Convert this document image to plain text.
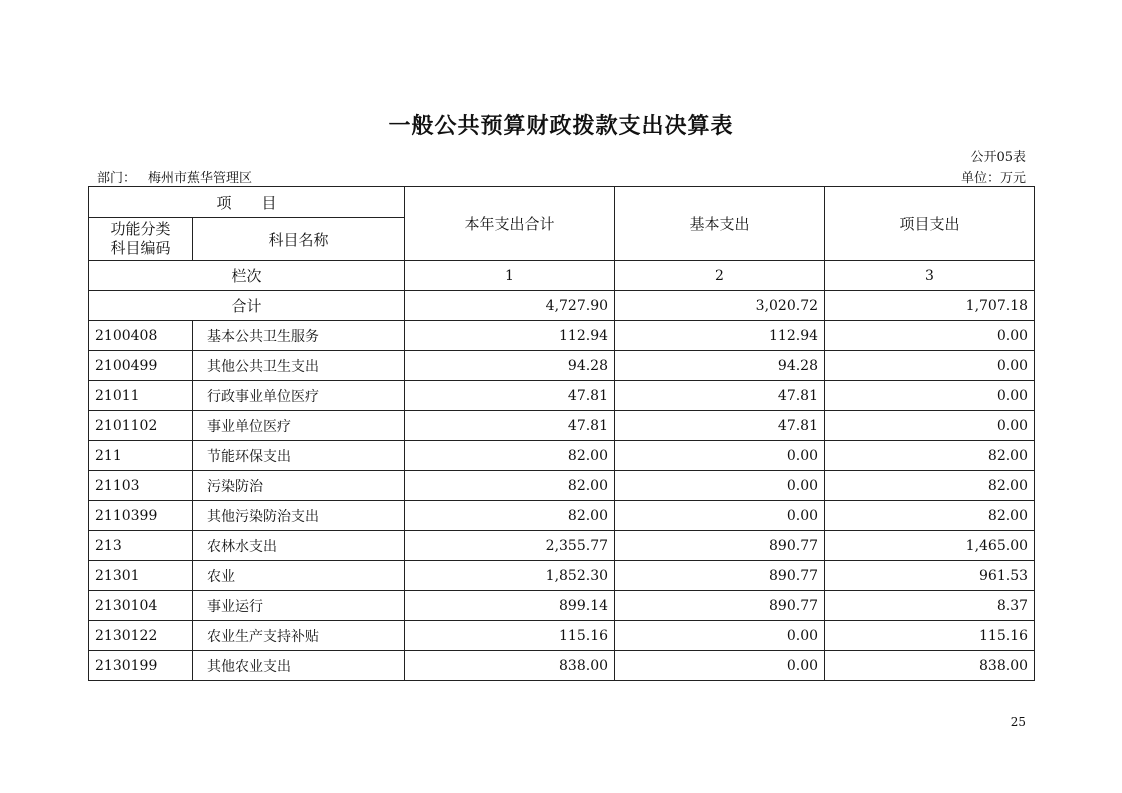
一般公共预算财政拨款支出决算表
公开05表
部门： 梅州市蕉华管理区	单位：万元
项　　目		本年支出合计	基本支出	项目支出

功能分类
科目编码	科目名称			
栏次		1	2	3
合计		4,727.90	3,020.72	1,707.18
2100408	基本公共卫生服务	112.94	112.94	0.00
2100499	其他公共卫生支出	94.28	94.28	0.00
21011	行政事业单位医疗	47.81	47.81	0.00
2101102	事业单位医疗	47.81	47.81	0.00
211	节能环保支出	82.00	0.00	82.00
21103	污染防治	82.00	0.00	82.00
2110399	其他污染防治支出	82.00	0.00	82.00
213	农林水支出	2,355.77	890.77	1,465.00
21301	农业	1,852.30	890.77	961.53
2130104	事业运行	899.14	890.77	8.37
2130122	农业生产支持补贴	115.16	0.00	115.16
2130199	其他农业支出	838.00	0.00	838.00
25
